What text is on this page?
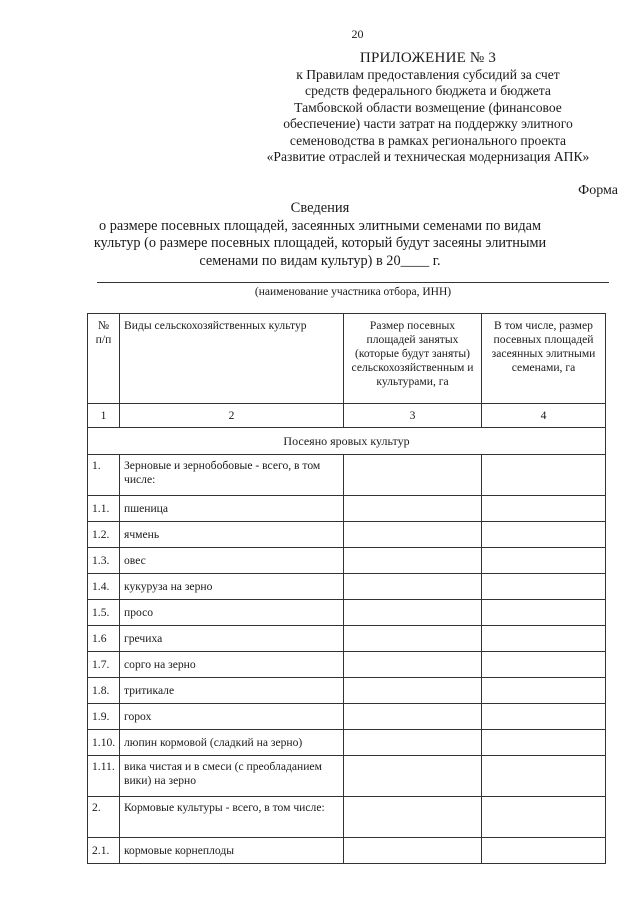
20
ПРИЛОЖЕНИЕ № 3
к Правилам предоставления субсидий за счет
средств федерального бюджета и бюджета
Тамбовской области возмещение (финансовое
обеспечение) части затрат на поддержку элитного
семеноводства в рамках регионального проекта
«Развитие отраслей и техническая модернизация АПК»
Форма
Сведения
о размере посевных площадей, засеянных элитными семенами по видам
культур (о размере посевных площадей, который будут засеяны элитными
семенами по видам культур) в 20____ г.
(наименование участника отбора, ИНН)
№ п/п	Виды сельскохозяйственных культур	Размер посевных площадей занятых (которые будут заняты) сельскохозяйственным и культурами, га	В том числе, размер посевных площадей засеянных элитными семенами, га
1	2	3	4
Посеяно яровых культур			
1.	Зерновые и зернобобовые - всего, в том числе:		
1.1.	пшеница		
1.2.	ячмень		
1.3.	овес		
1.4.	кукуруза на зерно		
1.5.	просо		
1.6	гречиха		
1.7.	сорго на зерно		
1.8.	тритикале		
1.9.	горох		
1.10.	люпин кормовой (сладкий на зерно)		
1.11.	вика чистая и в смеси (с преобладанием вики) на зерно		
2.	Кормовые культуры - всего, в том числе:		
2.1.	кормовые корнеплоды		
